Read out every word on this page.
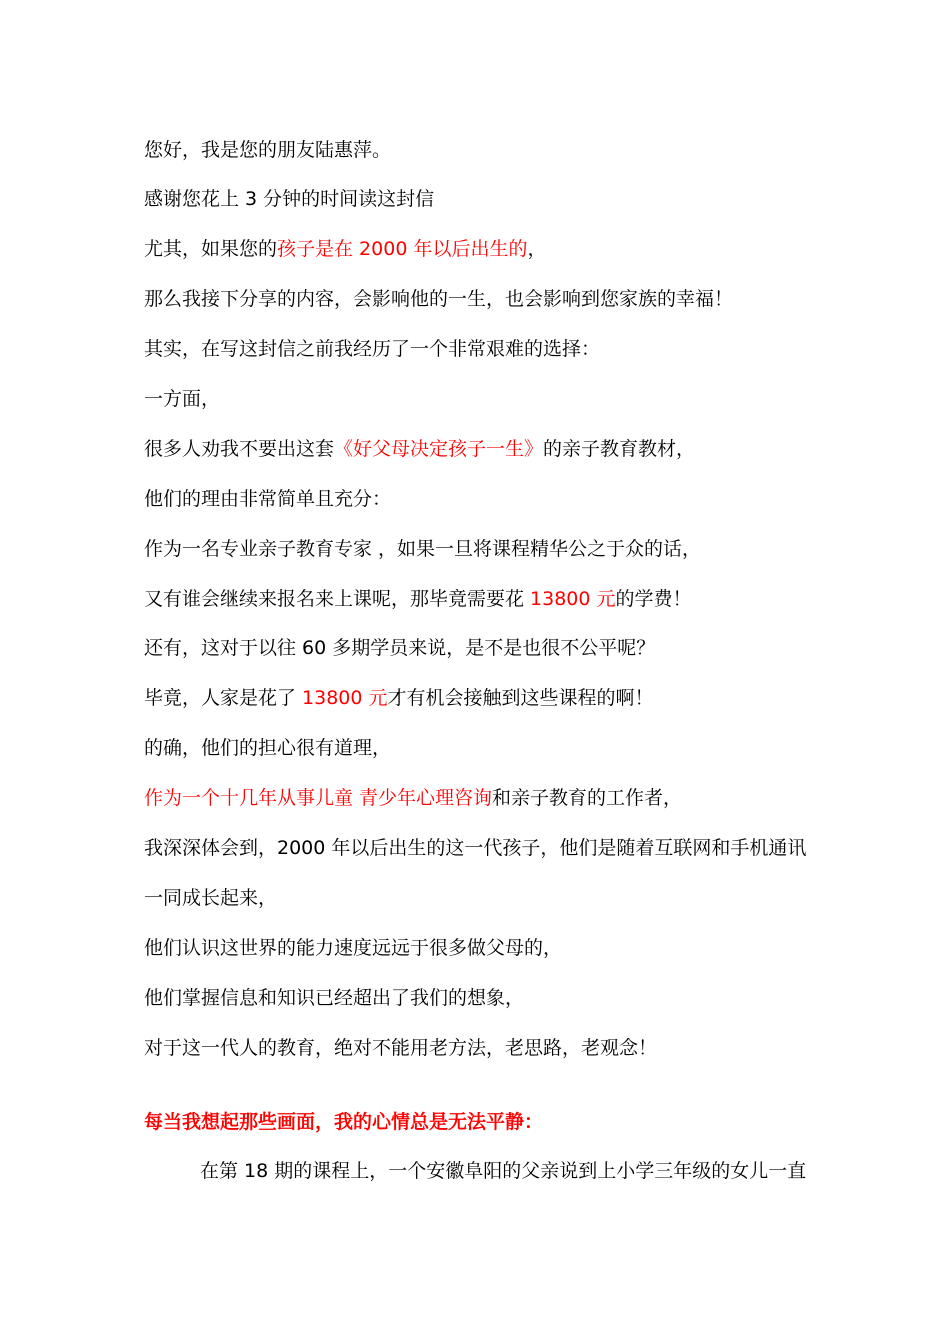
您好，我是您的朋友陆惠萍。
感谢您花上 3 分钟的时间读这封信
尤其，如果您的孩子是在 2000 年以后出生的，
那么我接下分享的内容，会影响他的一生，也会影响到您家族的幸福！
其实，在写这封信之前我经历了一个非常艰难的选择：
一方面，
很多人劝我不要出这套《好父母决定孩子一生》的亲子教育教材，
他们的理由非常简单且充分：
作为一名专业亲子教育专家 ，如果一旦将课程精华公之于众的话，
又有谁会继续来报名来上课呢，那毕竟需要花 13800 元的学费！
还有，这对于以往 60 多期学员来说，是不是也很不公平呢？
毕竟，人家是花了 13800 元才有机会接触到这些课程的啊！
的确，他们的担心很有道理，
作为一个十几年从事儿童 青少年心理咨询和亲子教育的工作者，
我深深体会到，2000 年以后出生的这一代孩子，他们是随着互联网和手机通讯
一同成长起来，
他们认识这世界的能力速度远远于很多做父母的，
他们掌握信息和知识已经超出了我们的想象，
对于这一代人的教育，绝对不能用老方法，老思路，老观念！
每当我想起那些画面，我的心情总是无法平静：
在第 18 期的课程上，一个安徽阜阳的父亲说到上小学三年级的女儿一直
